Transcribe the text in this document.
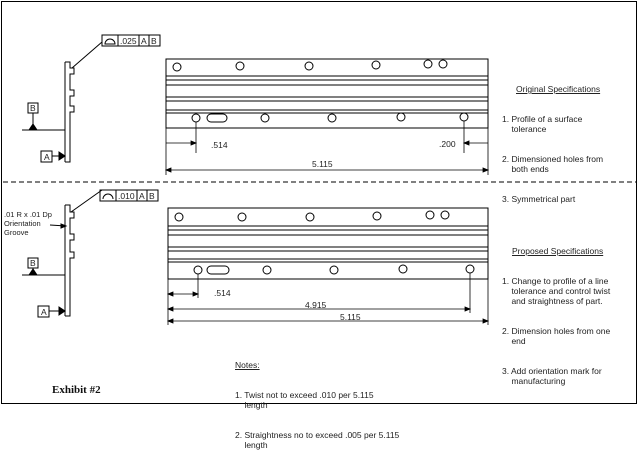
.025 A B
B
A
.514	.200
5.115

Original Specifications

1. Profile of a surface
tolerance

2. Dimensioned holes from
both ends

3. Symmetrical part

.010 A B
.01 R x .01 Dp
Orientation
Groove
B
A
.514
4.915
5.115

Proposed Specifications

1. Change to profile of a line
tolerance and control twist
and straightness of part.

2. Dimension holes from one
end

3. Add orientation mark for
manufacturing

Notes:

1. Twist not to exceed .010 per 5.115
length

2. Straightness no to exceed .005 per 5.115
length

Exhibit #2
